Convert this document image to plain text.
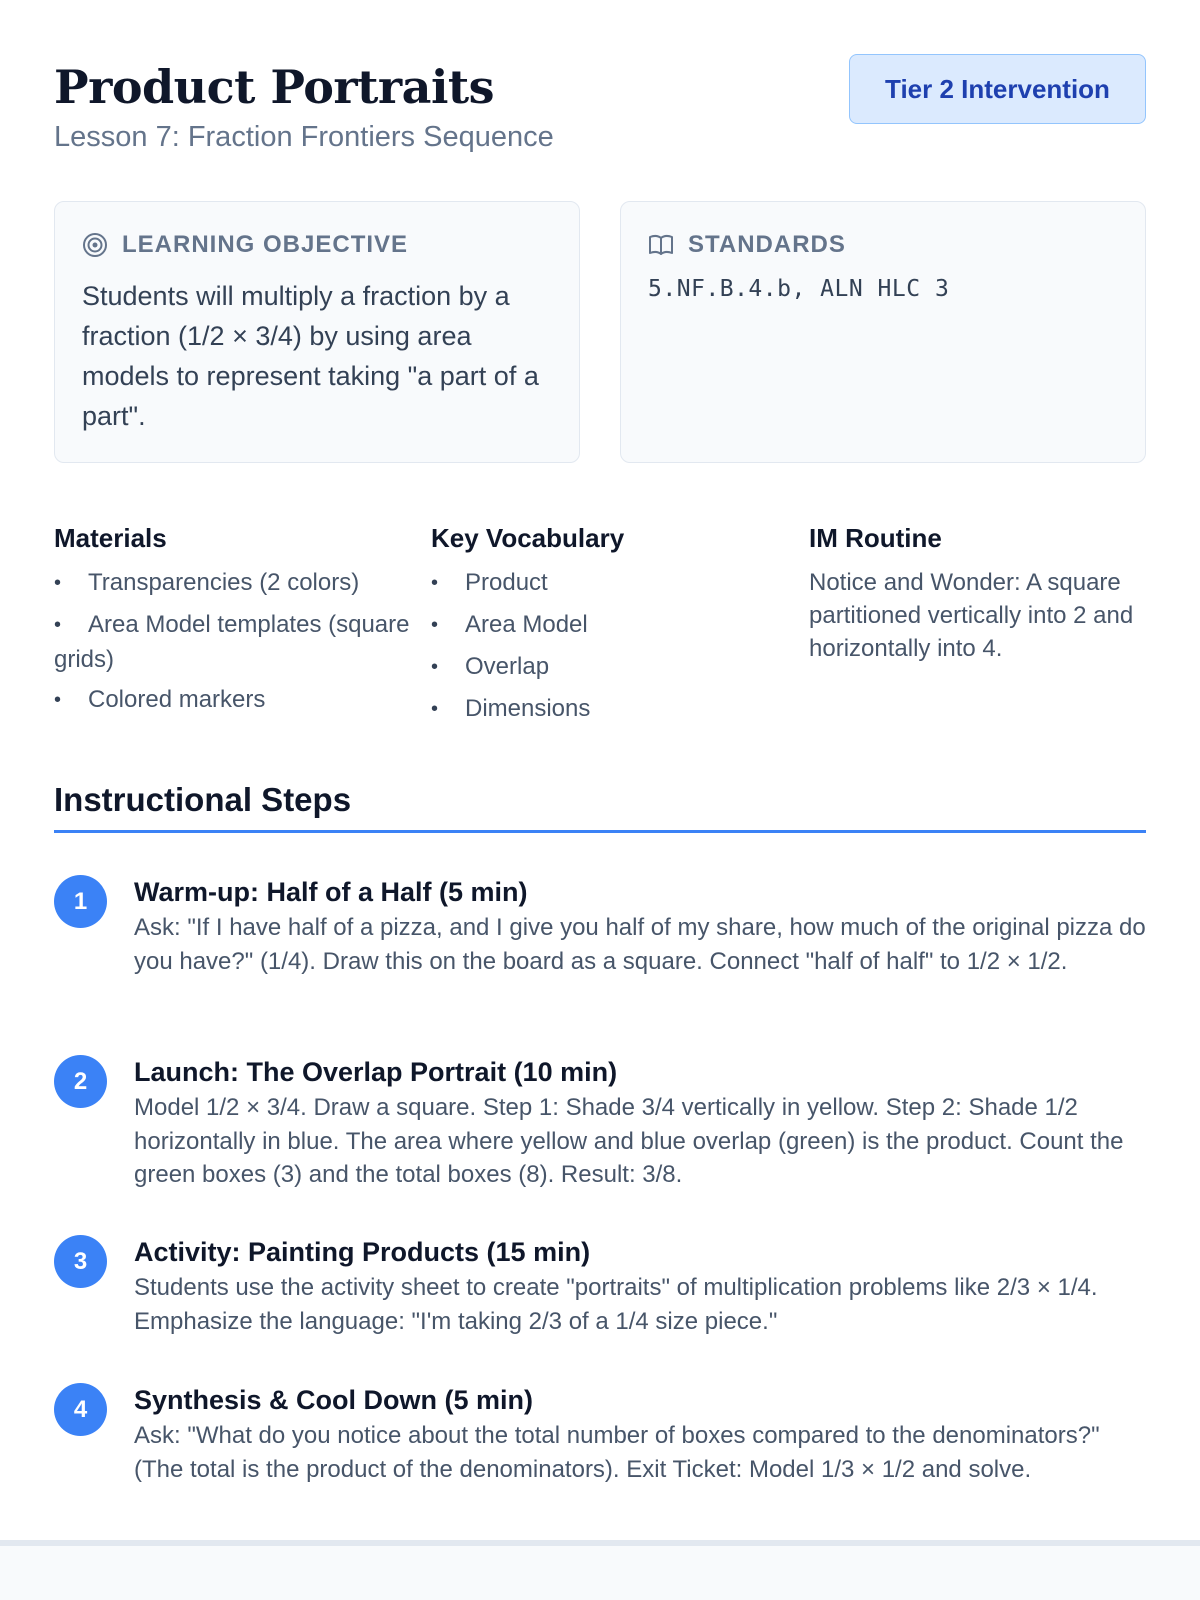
Product Portraits
Lesson 7: Fraction Frontiers Sequence
Tier 2 Intervention
LEARNING OBJECTIVE

Students will multiply a fraction by a fraction (1/2 × 3/4) by using area models to represent taking "a part of a part".

STANDARDS

5.NF.B.4.b, ALN HLC 3

Materials
•Transparencies (2 colors)
•Area Model templates (square grids)
•Colored markers
Key Vocabulary
•Product
•Area Model
•Overlap
•Dimensions
IM Routine

Notice and Wonder: A square partitioned vertically into 2 and horizontally into 4.

Instructional Steps
1	Warm-up: Half of a Half (5 min)

Ask: "If I have half of a pizza, and I give you half of my share, how much of the original pizza do you have?" (1/4). Draw this on the board as a square. Connect "half of half" to 1/2 × 1/2.

2	Launch: The Overlap Portrait (10 min)

Model 1/2 × 3/4. Draw a square. Step 1: Shade 3/4 vertically in yellow. Step 2: Shade 1/2 horizontally in blue. The area where yellow and blue overlap (green) is the product. Count the green boxes (3) and the total boxes (8). Result: 3/8.

3	Activity: Painting Products (15 min)

Students use the activity sheet to create "portraits" of multiplication problems like 2/3 × 1/4. Emphasize the language: "I'm taking 2/3 of a 1/4 size piece."

4	Synthesis & Cool Down (5 min)

Ask: "What do you notice about the total number of boxes compared to the denominators?" (The total is the product of the denominators). Exit Ticket: Model 1/3 × 1/2 and solve.
